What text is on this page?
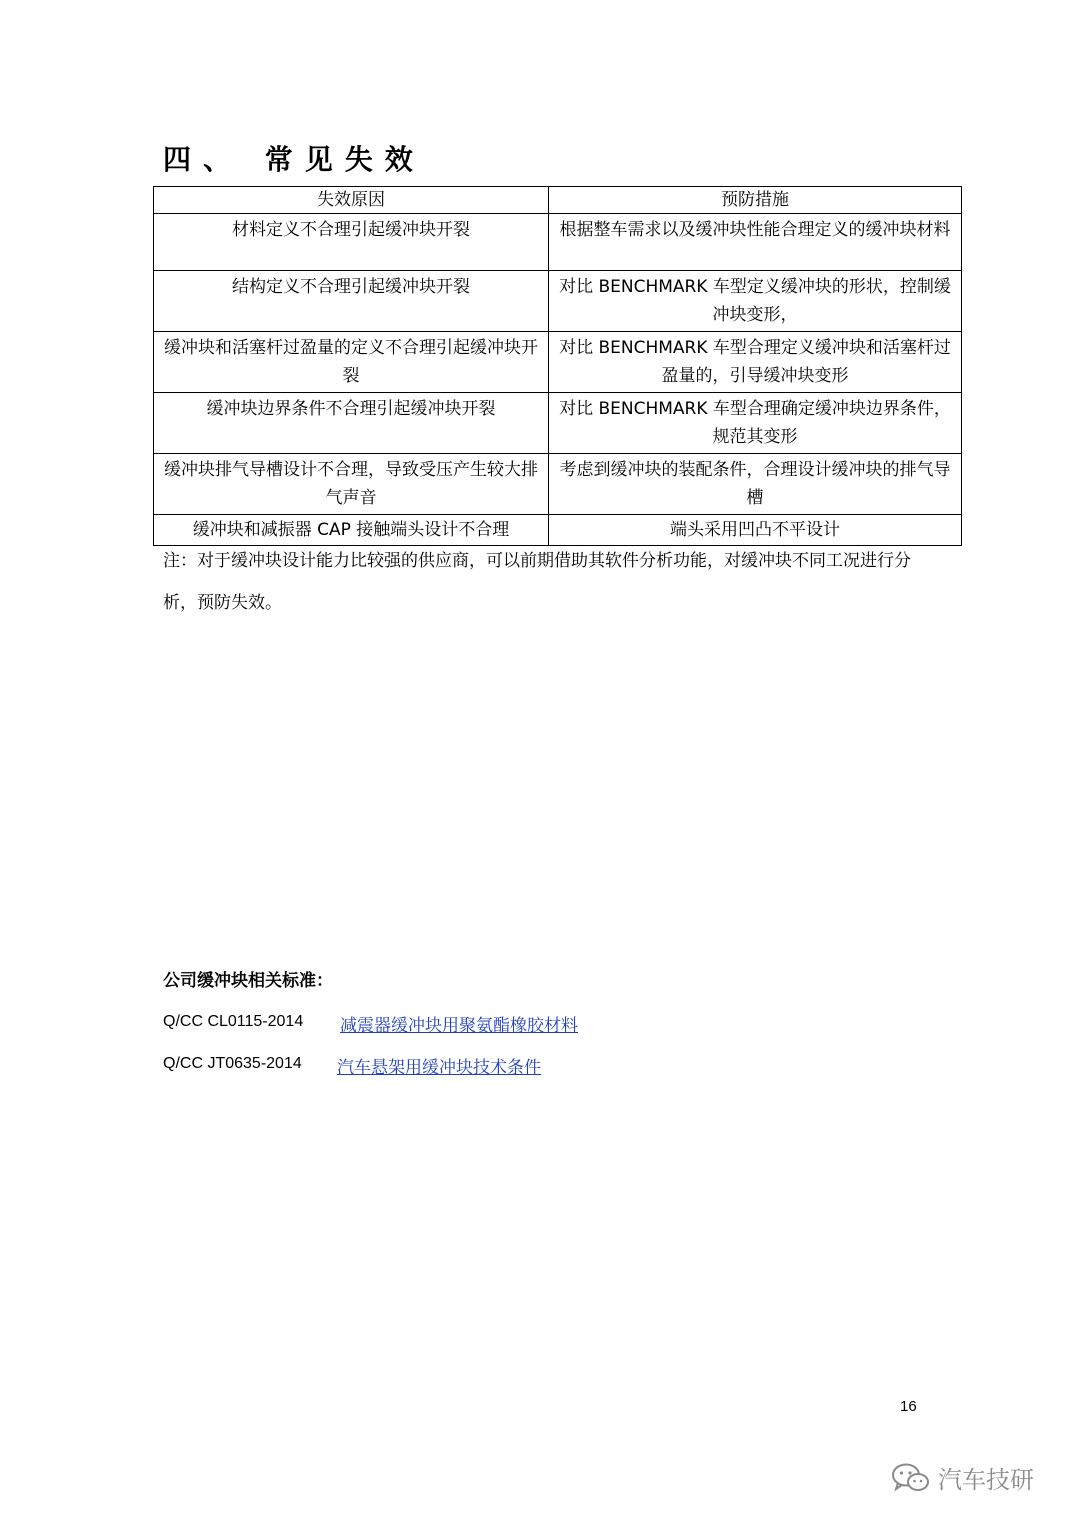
四、 常见失效
失效原因	预防措施
材料定义不合理引起缓冲块开裂	根据整车需求以及缓冲块性能合理定义的缓冲块材料
结构定义不合理引起缓冲块开裂	对比 BENCHMARK 车型定义缓冲块的形状，控制缓冲块变形，
缓冲块和活塞杆过盈量的定义不合理引起缓冲块开裂	对比 BENCHMARK 车型合理定义缓冲块和活塞杆过盈量的，引导缓冲块变形
缓冲块边界条件不合理引起缓冲块开裂	对比 BENCHMARK 车型合理确定缓冲块边界条件，规范其变形
缓冲块排气导槽设计不合理，导致受压产生较大排气声音	考虑到缓冲块的装配条件，合理设计缓冲块的排气导槽
缓冲块和减振器 CAP 接触端头设计不合理	端头采用凹凸不平设计
注：对于缓冲块设计能力比较强的供应商，可以前期借助其软件分析功能，对缓冲块不同工况进行分析，预防失效。
公司缓冲块相关标准：
Q/CC CL0115-2014 减震器缓冲块用聚氨酯橡胶材料
Q/CC JT0635-2014 汽车悬架用缓冲块技术条件
16
汽车技研
